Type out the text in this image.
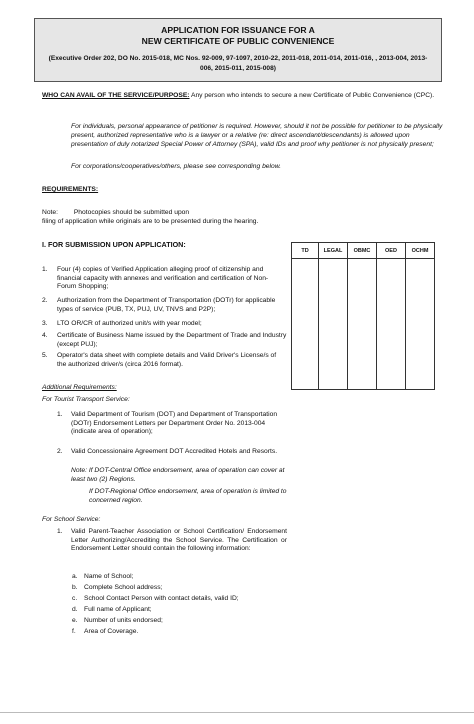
APPLICATION FOR ISSUANCE FOR A
NEW CERTIFICATE OF PUBLIC CONVENIENCE
(Executive Order 202, DO No. 2015-018, MC Nos. 92-009, 97-1097, 2010-22, 2011-018, 2011-014, 2011-016, , 2013-004, 2013-006, 2015-011, 2015-008)
WHO CAN AVAIL OF THE SERVICE/PURPOSE: Any person who intends to secure a new Certificate of Public Convenience (CPC).
For individuals, personal appearance of petitioner is required. However, should it not be possible for petitioner to be physically present, authorized representative who is a lawyer or a relative (re: direct ascendant/descendants) is allowed upon presentation of duly notarized Special Power of Attorney (SPA), valid IDs and proof why petitioner is not physically present;
For corporations/cooperatives/others, please see corresponding below.
REQUIREMENTS:
Note: Photocopies should be submitted upon
filing of application while originals are to be presented during the hearing.
I. FOR SUBMISSION UPON APPLICATION:
TD	LEGAL	OBMC	OED	OCHM

1. Four (4) copies of Verified Application alleging proof of citizenship and financial capacity with annexes and verification and certification of Non-Forum Shopping;
2. Authorization from the Department of Transportation (DOTr) for applicable types of service (PUB, TX, PUJ, UV, TNVS and P2P);
3. LTO OR/CR of authorized unit/s with year model;
4. Certificate of Business Name issued by the Department of Trade and Industry (except PUJ);
5. Operator's data sheet with complete details and Valid Driver's License/s of the authorized driver/s (circa 2016 format).
Additional Requirements:
For Tourist Transport Service:
1. Valid Department of Tourism (DOT) and Department of Transportation (DOTr) Endorsement Letters per Department Order No. 2013-004 (indicate area of operation);
2. Valid Concessionaire Agreement DOT Accredited Hotels and Resorts.
Note: If DOT-Central Office endorsement, area of operation can cover at least two (2) Regions.
If DOT-Regional Office endorsement, area of operation is limited to concerned region.
For School Service:
1. Valid Parent-Teacher Association or School Certification/ Endorsement Letter Authorizing/Accrediting the School Service. The Certification or Endorsement Letter should contain the following information:
a. Name of School;
b. Complete School address;
c. School Contact Person with contact details, valid ID;
d. Full name of Applicant;
e. Number of units endorsed;
f. Area of Coverage.
